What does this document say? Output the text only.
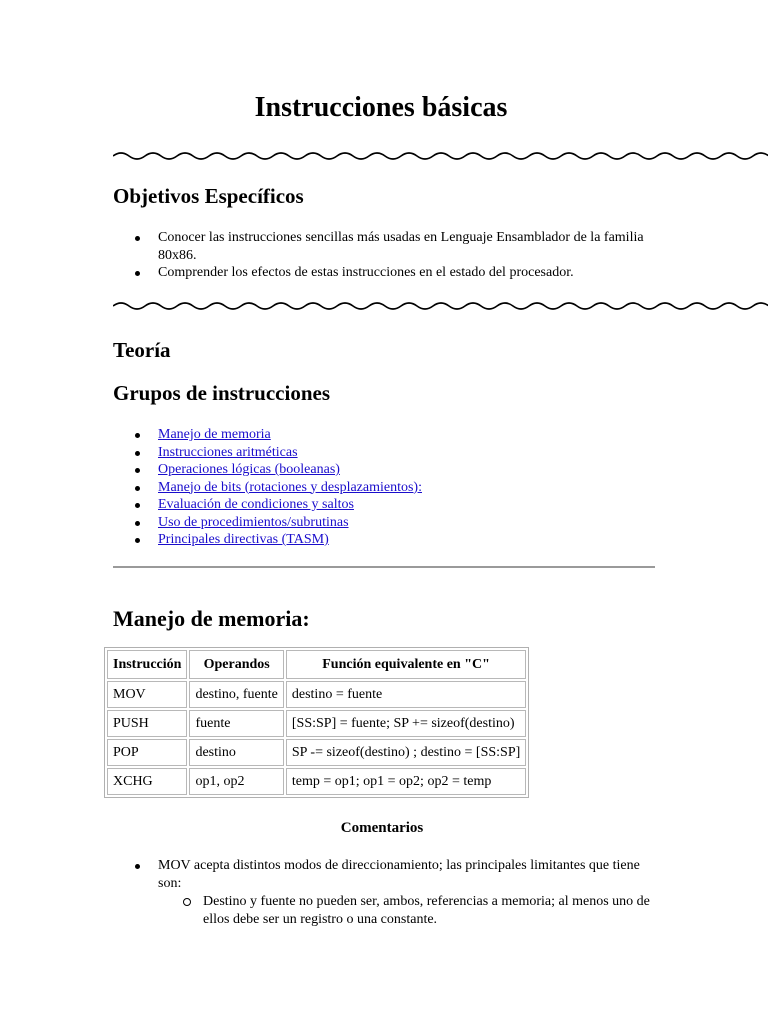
Instrucciones básicas
Objetivos Específicos
Conocer las instrucciones sencillas más usadas en Lenguaje Ensamblador de la familia 80x86.
Comprender los efectos de estas instrucciones en el estado del procesador.
Teoría
Grupos de instrucciones
Manejo de memoria
Instrucciones aritméticas
Operaciones lógicas (booleanas)
Manejo de bits (rotaciones y desplazamientos):
Evaluación de condiciones y saltos
Uso de procedimientos/subrutinas
Principales directivas (TASM)
Manejo de memoria:
Instrucción	Operandos	Función equivalente en "C"
MOV	destino, fuente	destino = fuente
PUSH	fuente	[SS:SP] = fuente; SP += sizeof(destino)
POP	destino	SP -= sizeof(destino) ; destino = [SS:SP]
XCHG	op1, op2	temp = op1; op1 = op2; op2 = temp
Comentarios
MOV acepta distintos modos de direccionamiento; las principales limitantes que tiene son:
Destino y fuente no pueden ser, ambos, referencias a memoria; al menos uno de ellos debe ser un registro o una constante.
